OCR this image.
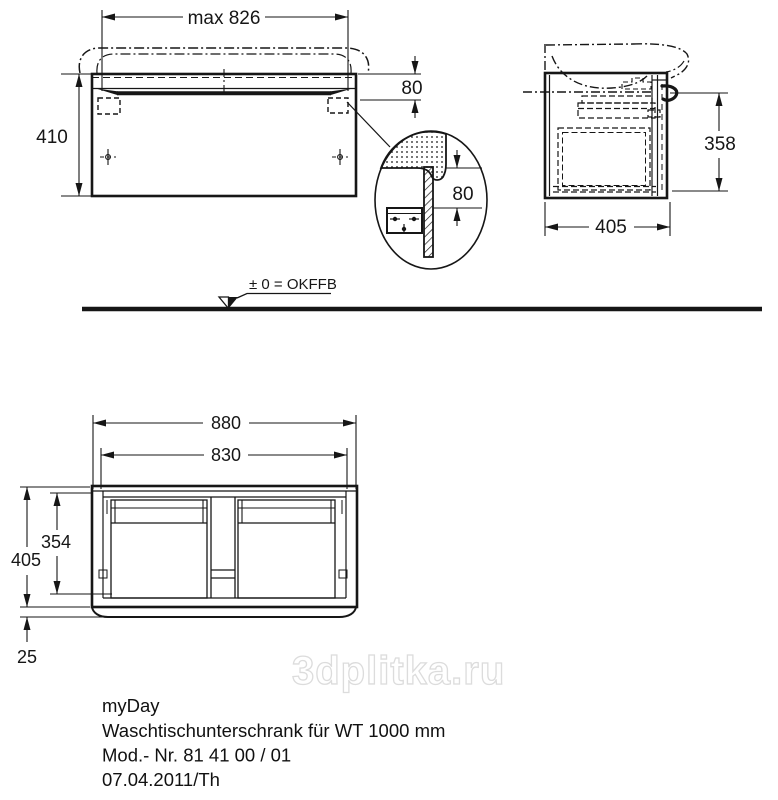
3dplitka.ru
max 826
410
80
80
358
405
± 0 = OKFFB
880
830
405
354
25
myDay
Waschtischunterschrank für WT 1000 mm
Mod.- Nr. 81 41 00 / 01
07.04.2011/Th
